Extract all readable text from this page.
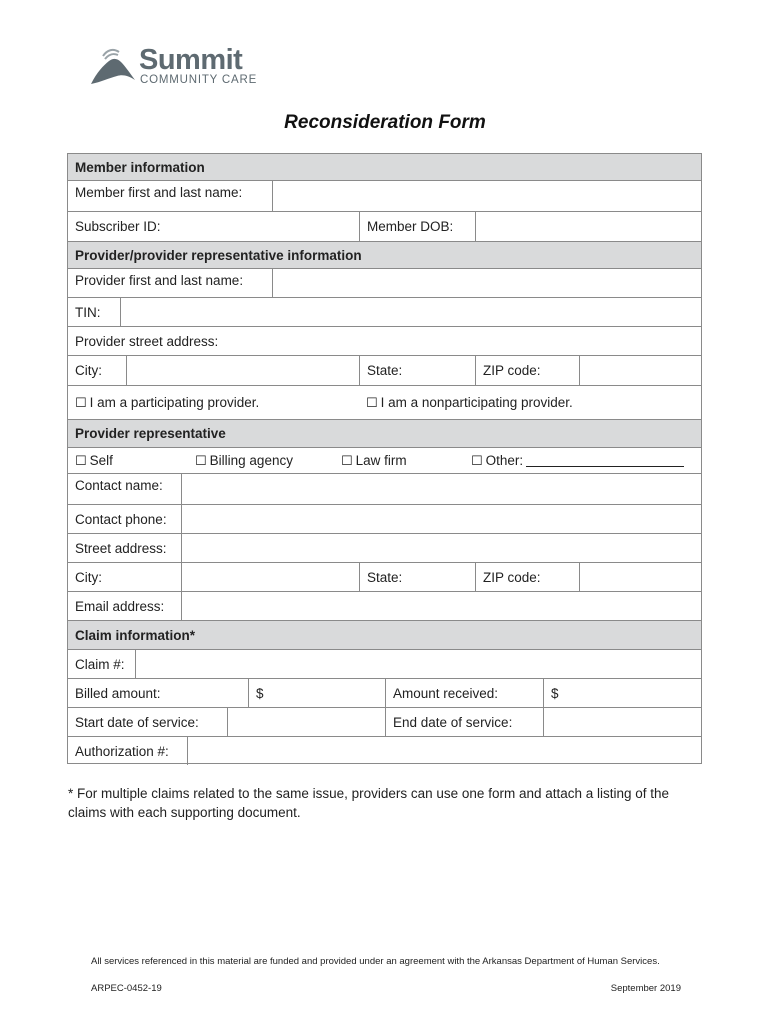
Summit
COMMUNITY CARE
Reconsideration Form
Member information
Member first and last name:
Subscriber ID:	Member DOB:
Provider/provider representative information
Provider first and last name:
TIN:
Provider street address:
City:	State:	ZIP code:
☐ I am a participating provider.	☐ I am a nonparticipating provider.
Provider representative
☐ Self	☐ Billing agency	☐ Law firm	☐ Other:
Contact name:
Contact phone:
Street address:
City:	State:	ZIP code:
Email address:
Claim information*
Claim #:
Billed amount:	$	Amount received:	$
Start date of service:	End date of service:
Authorization #:
* For multiple claims related to the same issue, providers can use one form and attach a listing of the claims with each supporting document.
All services referenced in this material are funded and provided under an agreement with the Arkansas Department of Human Services.
ARPEC-0452-19	September 2019
